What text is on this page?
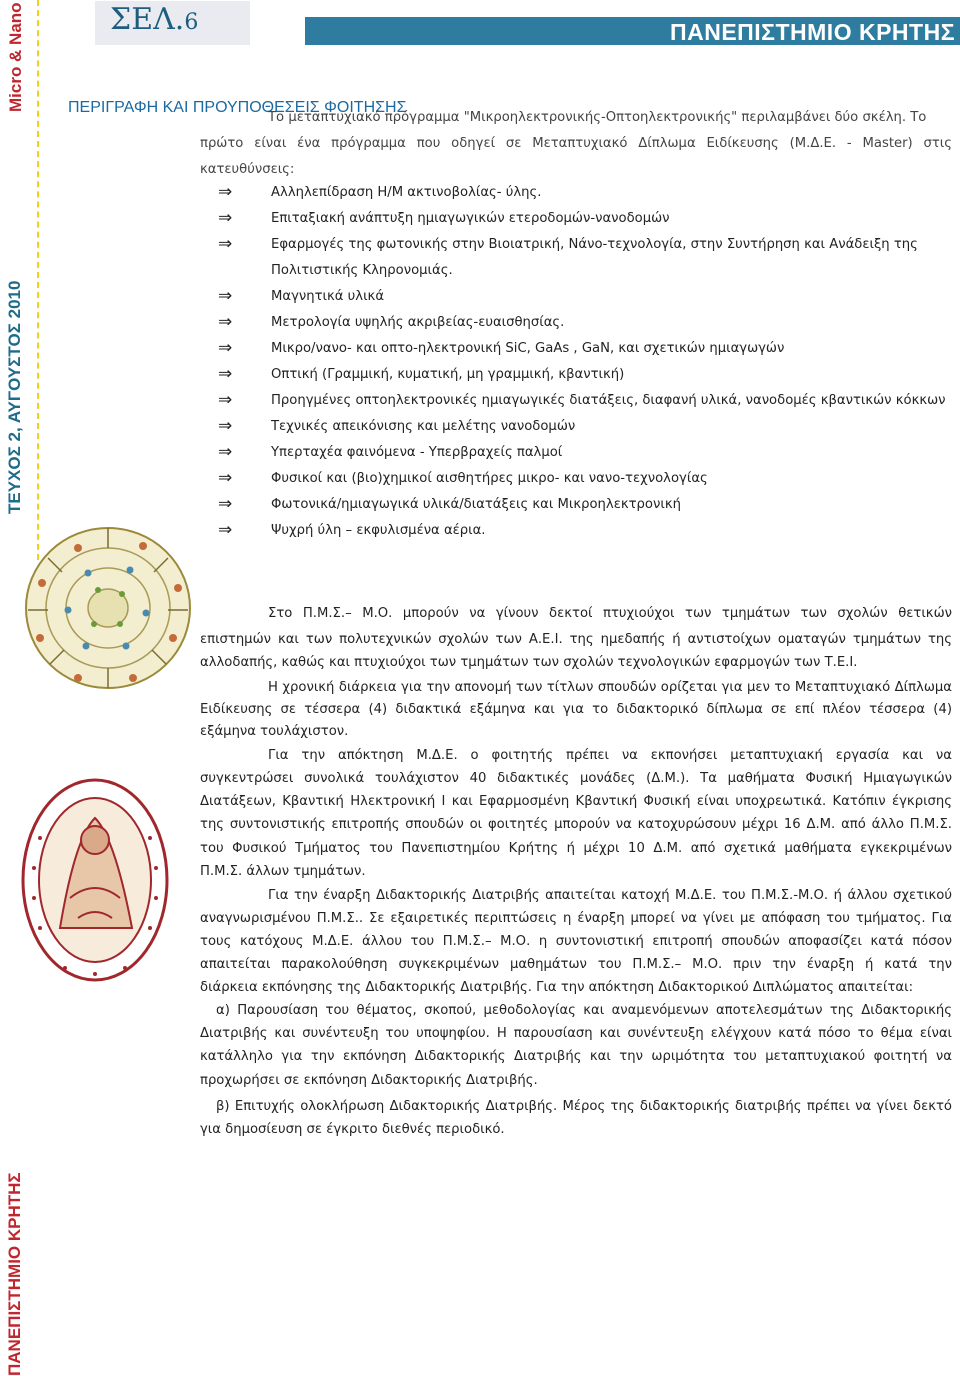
Micro & Nano
ΤΕΥΧΟΣ 2, ΑΥΓΟΥΣΤΟΣ 2010
ΠΑΝΕΠΙΣΤΗΜΙΟ ΚΡΗΤΗΣ
ΣΕΛ.6	ΠΑΝΕΠΙΣΤΗΜΙΟ ΚΡΗΤΗΣ
ΠΕΡΙΓΡΑΦΗ ΚΑΙ ΠΡΟΥΠΟΘΕΣΕΙΣ ΦΟΙΤΗΣΗΣ
Το μεταπτυχιακό πρόγραμμα "Μικροηλεκτρονικής-Οπτοηλεκτρονικής" περιλαμβάνει δύο σκέλη. Το
πρώτο είναι ένα πρόγραμμα που οδηγεί σε Μεταπτυχιακό Δίπλωμα Ειδίκευσης (Μ.Δ.Ε. - Master) στις
κατευθύνσεις:
⇒	Αλληλεπίδραση Η/Μ ακτινοβολίας- ύλης.
⇒	Επιταξιακή ανάπτυξη ημιαγωγικών ετεροδομών-νανοδομών
⇒	Εφαρμογές της φωτονικής στην Βιοιατρική, Νάνο-τεχνολογία, στην Συντήρηση και Ανάδειξη της
Πολιτιστικής Κληρονομιάς.
⇒	Μαγνητικά υλικά
⇒	Μετρολογία υψηλής ακριβείας-ευαισθησίας.
⇒	Μικρο/νανο- και οπτο-ηλεκτρονική SiC, GaAs , GaN, και σχετικών ημιαγωγών
⇒	Οπτική (Γραμμική, κυματική, μη γραμμική, κβαντική)
⇒	Προηγμένες οπτοηλεκτρονικές ημιαγωγικές διατάξεις, διαφανή υλικά, νανοδομές κβαντικών κόκκων
⇒	Τεχνικές απεικόνισης και μελέτης νανοδομών
⇒	Υπερταχέα φαινόμενα - Υπερβραχείς παλμοί
⇒	Φυσικοί και (βιο)χημικοί αισθητήρες μικρο- και νανο-τεχνολογίας
⇒	Φωτονικά/ημιαγωγικά υλικά/διατάξεις και Μικροηλεκτρονική
⇒	Ψυχρή ύλη – εκφυλισμένα αέρια.
Στο Π.Μ.Σ.– Μ.Ο. μπορούν να γίνουν δεκτοί πτυχιούχοι των τμημάτων των σχολών θετικών
επιστημών και των πολυτεχνικών σχολών των Α.Ε.Ι. της ημεδαπής ή αντιστοίχων οματαγών τμημάτων της
αλλοδαπής, καθώς και πτυχιούχοι των τμημάτων των σχολών τεχνολογικών εφαρμογών των Τ.Ε.Ι.
Η χρονική διάρκεια για την απονομή των τίτλων σπουδών ορίζεται για μεν το Μεταπτυχιακό Δίπλωμα
Ειδίκευσης σε τέσσερα (4) διδακτικά εξάμηνα και για το διδακτορικό δίπλωμα σε επί πλέον τέσσερα (4)
εξάμηνα τουλάχιστον.
Για την απόκτηση Μ.Δ.Ε. ο φοιτητής πρέπει να εκπονήσει μεταπτυχιακή εργασία και να
συγκεντρώσει συνολικά τουλάχιστον 40 διδακτικές μονάδες (Δ.Μ.). Τα μαθήματα Φυσική Ημιαγωγικών
Διατάξεων, Κβαντική Ηλεκτρονική Ι και Εφαρμοσμένη Κβαντική Φυσική είναι υποχρεωτικά. Κατόπιν έγκρισης
της συντονιστικής επιτροπής σπουδών οι φοιτητές μπορούν να κατοχυρώσουν μέχρι 16 Δ.Μ. από άλλο Π.Μ.Σ.
του Φυσικού Τμήματος του Πανεπιστημίου Κρήτης ή μέχρι 10 Δ.Μ. από σχετικά μαθήματα εγκεκριμένων
Π.Μ.Σ. άλλων τμημάτων.
Για την έναρξη Διδακτορικής Διατριβής απαιτείται κατοχή Μ.Δ.Ε. του Π.Μ.Σ.-Μ.Ο. ή άλλου σχετικού
αναγνωρισμένου Π.Μ.Σ.. Σε εξαιρετικές περιπτώσεις η έναρξη μπορεί να γίνει με απόφαση του τμήματος. Για
τους κατόχους Μ.Δ.Ε. άλλου του Π.Μ.Σ.– Μ.Ο. η συντονιστική επιτροπή σπουδών αποφασίζει κατά πόσον
απαιτείται παρακολούθηση συγκεκριμένων μαθημάτων του Π.Μ.Σ.– Μ.Ο. πριν την έναρξη ή κατά την
διάρκεια εκπόνησης της Διδακτορικής Διατριβής. Για την απόκτηση Διδακτορικού Διπλώματος απαιτείται:
α) Παρουσίαση του θέματος, σκοπού, μεθοδολογίας και αναμενόμενων αποτελεσμάτων της Διδακτορικής
Διατριβής και συνέντευξη του υποψηφίου. Η παρουσίαση και συνέντευξη ελέγχουν κατά πόσο το θέμα είναι
κατάλληλο για την εκπόνηση Διδακτορικής Διατριβής και την ωριμότητα του μεταπτυχιακού φοιτητή να
προχωρήσει σε εκπόνηση Διδακτορικής Διατριβής.
β) Επιτυχής ολοκλήρωση Διδακτορικής Διατριβής. Μέρος της διδακτορικής διατριβής πρέπει να γίνει δεκτό
για δημοσίευση σε έγκριτο διεθνές περιοδικό.
